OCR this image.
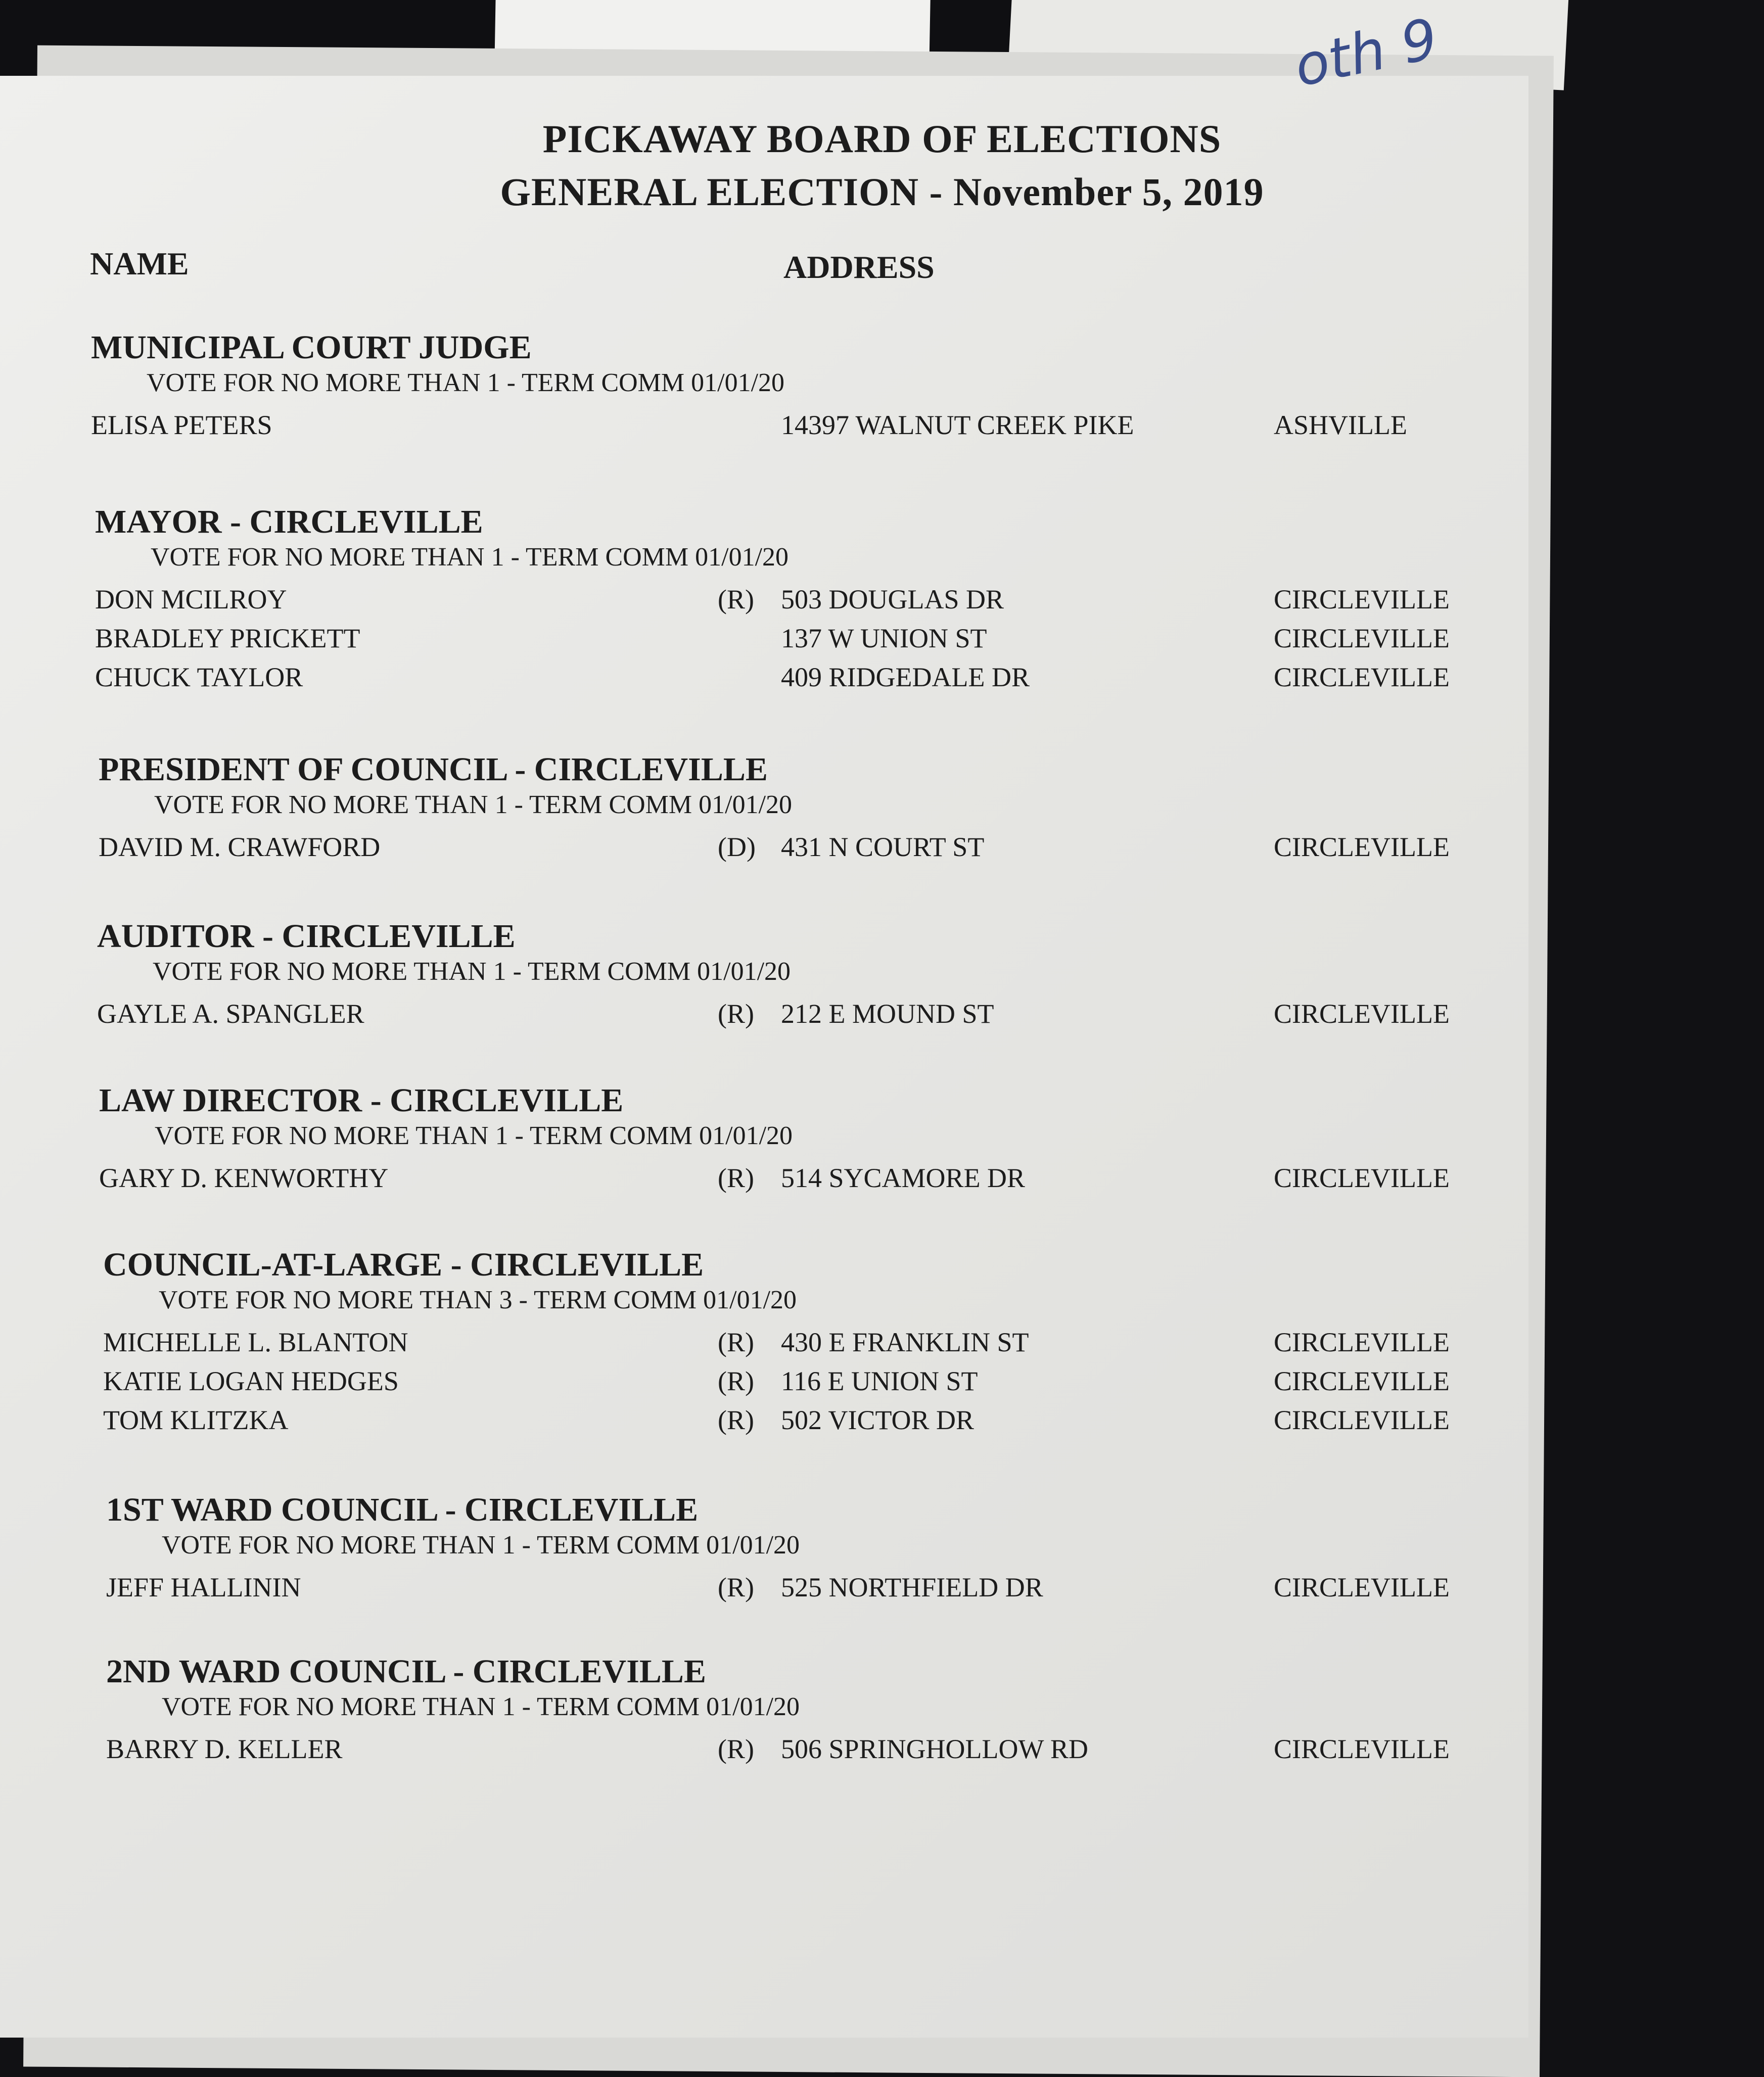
oth 9
PICKAWAY BOARD OF ELECTIONS
GENERAL ELECTION - November 5, 2019
NAME	ADDRESS
MUNICIPAL COURT JUDGE
VOTE FOR NO MORE THAN 1 - TERM COMM 01/01/20
ELISA PETERS	14397 WALNUT CREEK PIKE	ASHVILLE
MAYOR - CIRCLEVILLE
VOTE FOR NO MORE THAN 1 - TERM COMM 01/01/20
DON MCILROY	(R) 503 DOUGLAS DR	CIRCLEVILLE
BRADLEY PRICKETT	137 W UNION ST	CIRCLEVILLE
CHUCK TAYLOR	409 RIDGEDALE DR	CIRCLEVILLE
PRESIDENT OF COUNCIL - CIRCLEVILLE
VOTE FOR NO MORE THAN 1 - TERM COMM 01/01/20
DAVID M. CRAWFORD	(D) 431 N COURT ST	CIRCLEVILLE
AUDITOR - CIRCLEVILLE
VOTE FOR NO MORE THAN 1 - TERM COMM 01/01/20
GAYLE A. SPANGLER	(R) 212 E MOUND ST	CIRCLEVILLE
LAW DIRECTOR - CIRCLEVILLE
VOTE FOR NO MORE THAN 1 - TERM COMM 01/01/20
GARY D. KENWORTHY	(R) 514 SYCAMORE DR	CIRCLEVILLE
COUNCIL-AT-LARGE - CIRCLEVILLE
VOTE FOR NO MORE THAN 3 - TERM COMM 01/01/20
MICHELLE L. BLANTON	(R) 430 E FRANKLIN ST	CIRCLEVILLE
KATIE LOGAN HEDGES	(R) 116 E UNION ST	CIRCLEVILLE
TOM KLITZKA	(R) 502 VICTOR DR	CIRCLEVILLE
1ST WARD COUNCIL - CIRCLEVILLE
VOTE FOR NO MORE THAN 1 - TERM COMM 01/01/20
JEFF HALLININ	(R) 525 NORTHFIELD DR	CIRCLEVILLE
2ND WARD COUNCIL - CIRCLEVILLE
VOTE FOR NO MORE THAN 1 - TERM COMM 01/01/20
BARRY D. KELLER	(R) 506 SPRINGHOLLOW RD	CIRCLEVILLE
